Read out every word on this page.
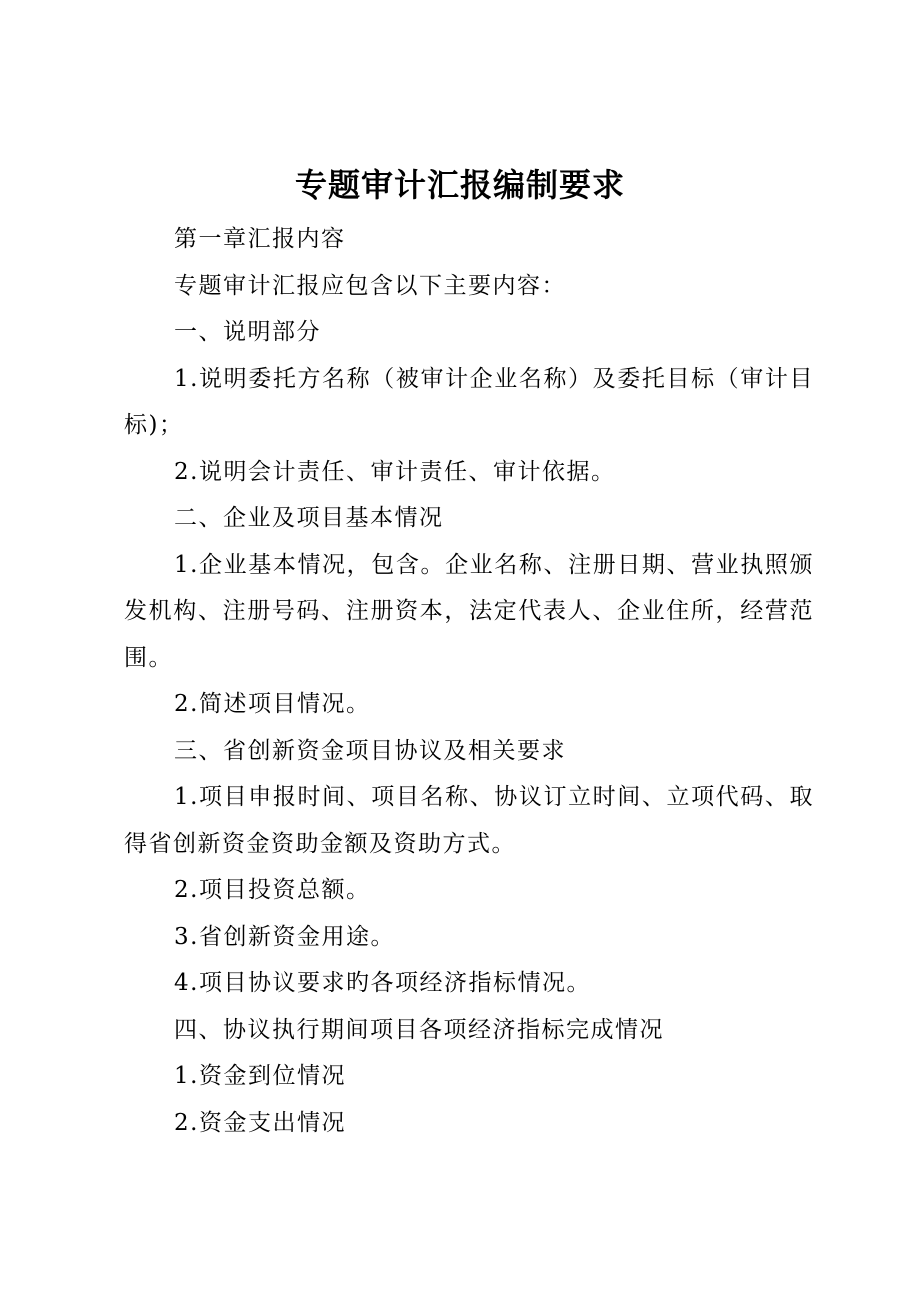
专题审计汇报编制要求

第一章汇报内容

专题审计汇报应包含以下主要内容：

一、说明部分

1.说明委托方名称（被审计企业名称）及委托目标（审计目标)；

2.说明会计责任、审计责任、审计依据。

二、企业及项目基本情况

1.企业基本情况，包含。企业名称、注册日期、营业执照颁发机构、注册号码、注册资本，法定代表人、企业住所，经营范围。

2.简述项目情况。

三、省创新资金项目协议及相关要求

1.项目申报时间、项目名称、协议订立时间、立项代码、取得省创新资金资助金额及资助方式。

2.项目投资总额。

3.省创新资金用途。

4.项目协议要求旳各项经济指标情况。

四、协议执行期间项目各项经济指标完成情况

1.资金到位情况

2.资金支出情况
